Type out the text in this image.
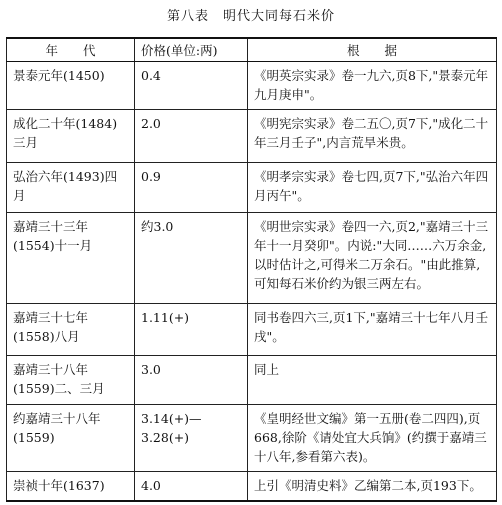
第八表　明代大同每石米价
年　　代	价格(单位:两)	根　　据

景泰元年(1450)	0.4	《明英宗实录》卷一九六,页8下,"景泰元年九月庚申"。

成化二十年(1484)三月	2.0	《明宪宗实录》卷二五〇,页7下,"成化二十年三月壬子",内言荒旱米贵。

弘治六年(1493)四月	0.9	《明孝宗实录》卷七四,页7下,"弘治六年四月丙午"。

嘉靖三十三年(1554)十一月	约3.0	《明世宗实录》卷四一六,页2,"嘉靖三十三年十一月癸卯"。内说:"大同……六万余金,以时估计之,可得米二万余石。"由此推算,可知每石米价约为银三两左右。

嘉靖三十七年(1558)八月	1.11(+)	同书卷四六三,页1下,"嘉靖三十七年八月壬戌"。

嘉靖三十八年(1559)二、三月	3.0	同上

约嘉靖三十八年(1559)	3.14(+)—3.28(+)	《皇明经世文编》第一五册(卷二四四),页668,徐阶《请处宜大兵饷》(约撰于嘉靖三十八年,参看第六表)。

崇祯十年(1637)	4.0	上引《明清史料》乙编第二本,页193下。
